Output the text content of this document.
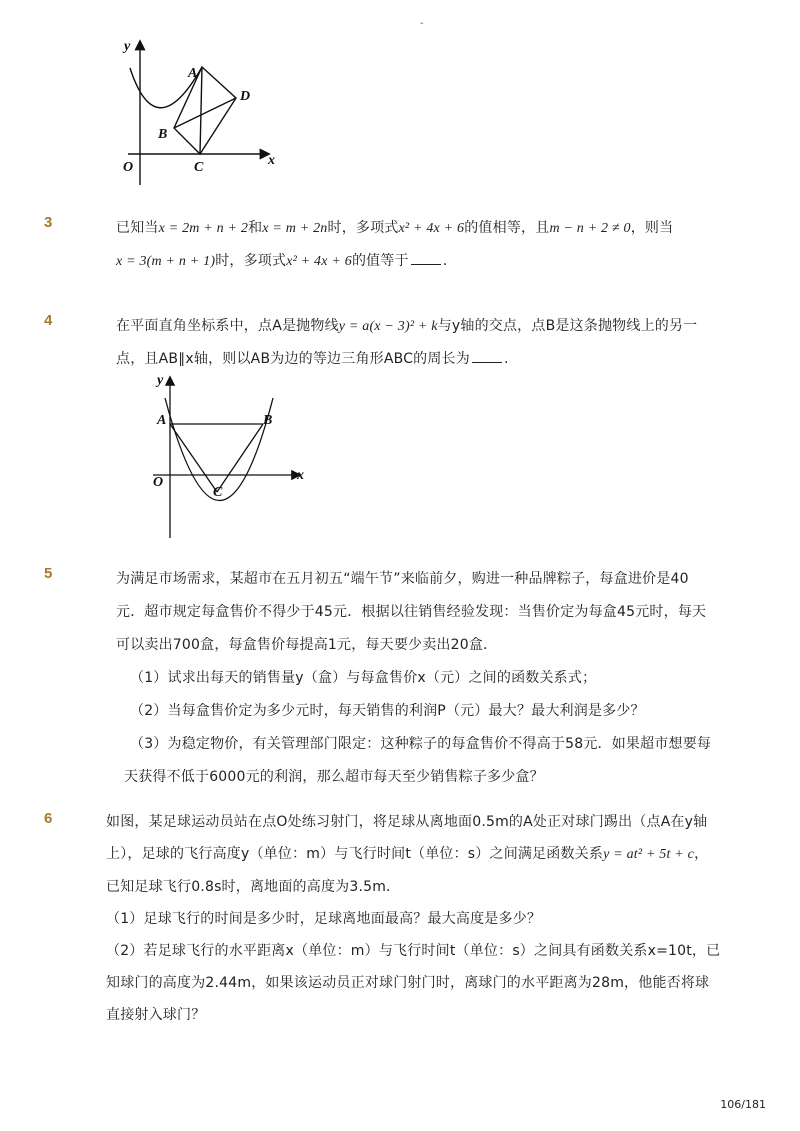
-
y
x
O
A
B
C
D
3	已知当x = 2m + n + 2和x = m + 2n时，多项式x² + 4x + 6的值相等，且m − n + 2 ≠ 0，则当
x = 3(m + n + 1)时，多项式x² + 4x + 6的值等于 .
4	在平面直角坐标系中，点A是抛物线y = a(x − 3)² + k与y轴的交点，点B是这条抛物线上的另一
点，且AB∥x轴，则以AB为边的等边三角形ABC的周长为 .
y
x
O
A	B
C
5	为满足市场需求，某超市在五月初五“端午节”来临前夕，购进一种品牌粽子，每盒进价是40
元．超市规定每盒售价不得少于45元．根据以往销售经验发现：当售价定为每盒45元时，每天
可以卖出700盒，每盒售价每提高1元，每天要少卖出20盒．
（1）试求出每天的销售量y（盒）与每盒售价x（元）之间的函数关系式；
（2）当每盒售价定为多少元时，每天销售的利润P（元）最大？最大利润是多少？
（3）为稳定物价，有关管理部门限定：这种粽子的每盒售价不得高于58元．如果超市想要每
天获得不低于6000元的利润，那么超市每天至少销售粽子多少盒？
6	如图，某足球运动员站在点O处练习射门，将足球从离地面0.5m的A处正对球门踢出（点A在y轴
上），足球的飞行高度y（单位：m）与飞行时间t（单位：s）之间满足函数关系y = at² + 5t + c，
已知足球飞行0.8s时，离地面的高度为3.5m．
（1）足球飞行的时间是多少时，足球离地面最高？最大高度是多少？
（2）若足球飞行的水平距离x（单位：m）与飞行时间t（单位：s）之间具有函数关系x=10t，已
知球门的高度为2.44m，如果该运动员正对球门射门时，离球门的水平距离为28m，他能否将球
直接射入球门？
106/181
